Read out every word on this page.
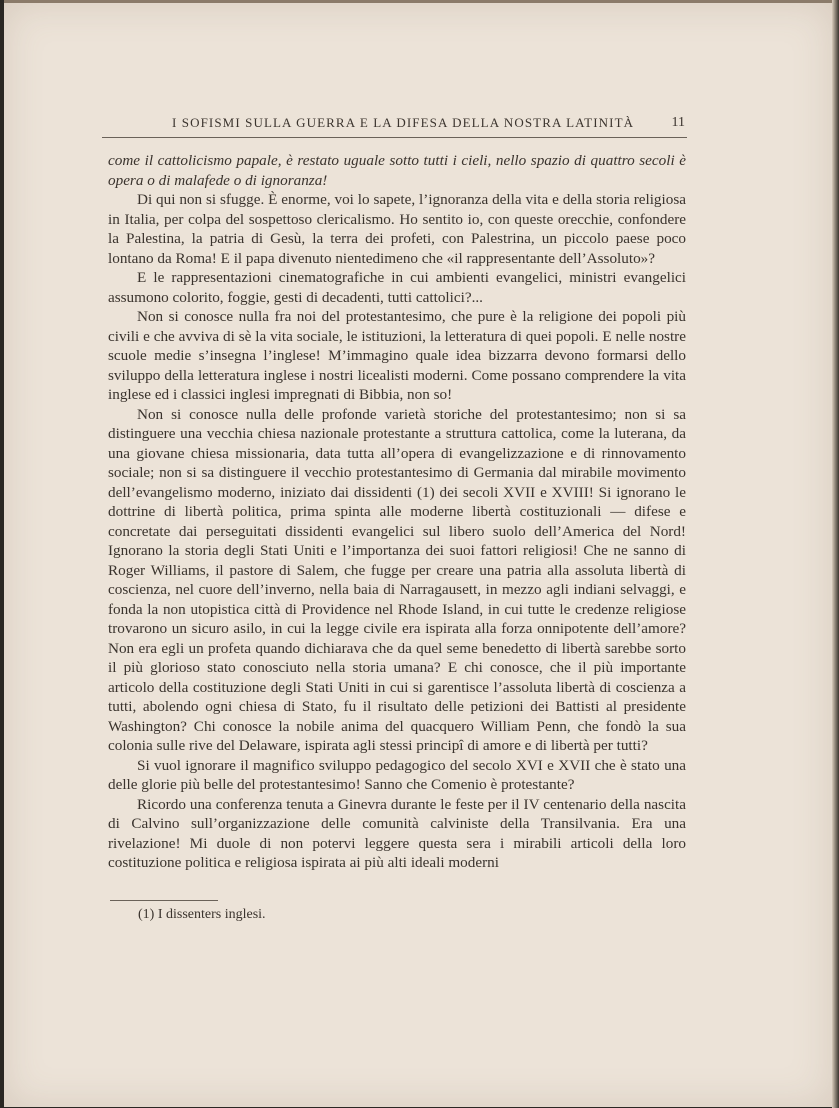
I SOFISMI SULLA GUERRA E LA DIFESA DELLA NOSTRA LATINITÀ	11

come il cattolicismo papale, è restato uguale sotto tutti i cieli, nello spazio di quattro secoli è opera o di malafede o di ignoranza!

Di qui non si sfugge. È enorme, voi lo sapete, l’ignoranza della vita e della storia religiosa in Italia, per colpa del sospettoso clericalismo. Ho sentito io, con queste orecchie, confondere la Palestina, la patria di Gesù, la terra dei profeti, con Palestrina, un piccolo paese poco lontano da Roma! E il papa divenuto nientedimeno che «il rappresentante dell’Assoluto»?

E le rappresentazioni cinematografiche in cui ambienti evangelici, ministri evangelici assumono colorito, foggie, gesti di decadenti, tutti cattolici?...

Non si conosce nulla fra noi del protestantesimo, che pure è la religione dei popoli più civili e che avviva di sè la vita sociale, le istituzioni, la letteratura di quei popoli. E nelle nostre scuole medie s’insegna l’inglese! M’immagino quale idea bizzarra devono formarsi dello sviluppo della letteratura inglese i nostri licealisti moderni. Come possano comprendere la vita inglese ed i classici inglesi impregnati di Bibbia, non so!

Non si conosce nulla delle profonde varietà storiche del protestantesimo; non si sa distinguere una vecchia chiesa nazionale protestante a struttura cattolica, come la luterana, da una giovane chiesa missionaria, data tutta all’opera di evangelizzazione e di rinnovamento sociale; non si sa distinguere il vecchio protestantesimo di Germania dal mirabile movimento dell’evangelismo moderno, iniziato dai dissidenti (1) dei secoli XVII e XVIII! Si ignorano le dottrine di libertà politica, prima spinta alle moderne libertà costituzionali — difese e concretate dai perseguitati dissidenti evangelici sul libero suolo dell’America del Nord! Ignorano la storia degli Stati Uniti e l’importanza dei suoi fattori religiosi! Che ne sanno di Roger Williams, il pastore di Salem, che fugge per creare una patria alla assoluta libertà di coscienza, nel cuore dell’inverno, nella baia di Narragausett, in mezzo agli indiani selvaggi, e fonda la non utopistica città di Providence nel Rhode Island, in cui tutte le credenze religiose trovarono un sicuro asilo, in cui la legge civile era ispirata alla forza onnipotente dell’amore? Non era egli un profeta quando dichiarava che da quel seme benedetto di libertà sarebbe sorto il più glorioso stato conosciuto nella storia umana? E chi conosce, che il più importante articolo della costituzione degli Stati Uniti in cui si garentisce l’assoluta libertà di coscienza a tutti, abolendo ogni chiesa di Stato, fu il risultato delle petizioni dei Battisti al presidente Washington? Chi conosce la nobile anima del quacquero William Penn, che fondò la sua colonia sulle rive del Delaware, ispirata agli stessi principî di amore e di libertà per tutti?

Si vuol ignorare il magnifico sviluppo pedagogico del secolo XVI e XVII che è stato una delle glorie più belle del protestantesimo! Sanno che Comenio è protestante?

Ricordo una conferenza tenuta a Ginevra durante le feste per il IV centenario della nascita di Calvino sull’organizzazione delle comunità calviniste della Transilvania. Era una rivelazione! Mi duole di non potervi leggere questa sera i mirabili articoli della loro costituzione politica e religiosa ispirata ai più alti ideali moderni

(1) I dissenters inglesi.
